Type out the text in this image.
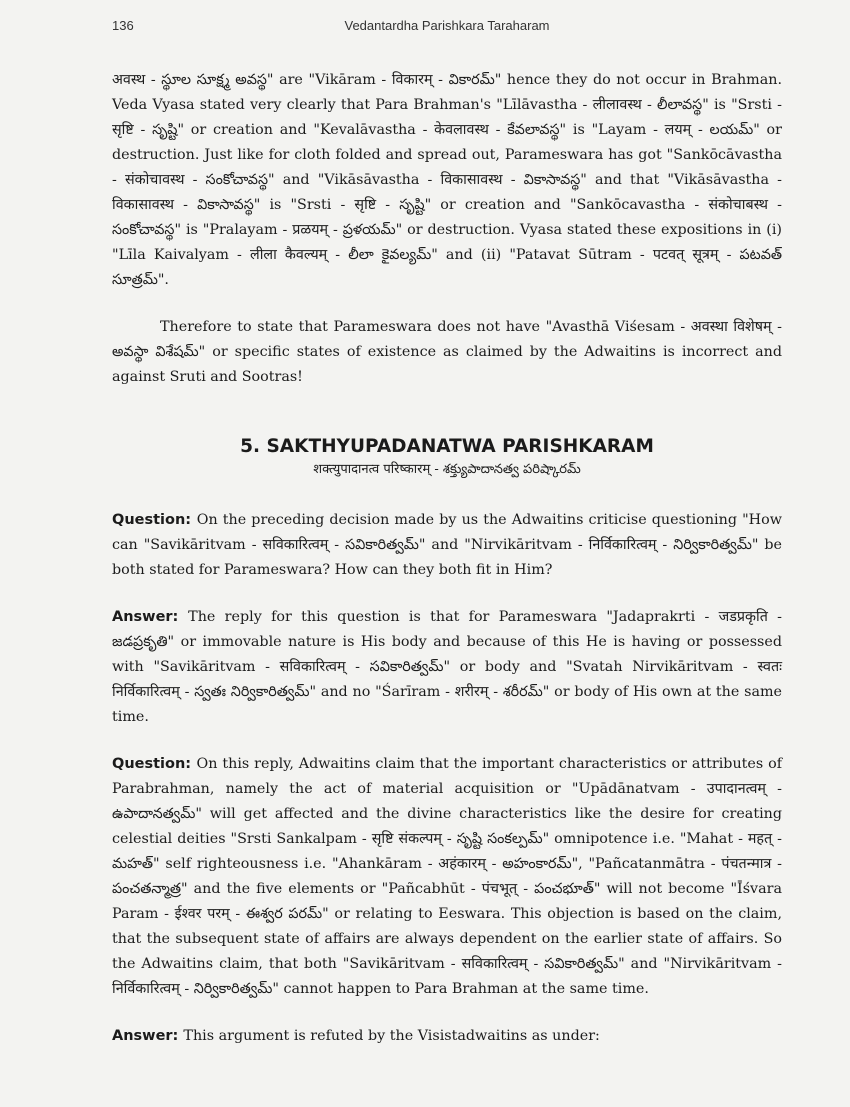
136	Vedantardha Parishkara Taraharam

अवस्थ - స్థూల సూక్ష్మ అవస్థ" are "Vikāram - विकारम् - వికారమ్" hence they do not occur in Brahman. Veda Vyasa stated very clearly that Para Brahman's "Līlāvastha - लीलावस्थ - లీలావస్థ" is "Srsti - सृष्टि - సృష్టి" or creation and "Kevalāvastha - केवलावस्थ - కేవలావస్థ" is "Layam - लयम् - లయమ్" or destruction. Just like for cloth folded and spread out, Parameswara has got "Sankōcāvastha - संकोचावस्थ - సంకోచావస్థ" and "Vikāsāvastha - विकासावस्थ - వికాసావస్థ" and that "Vikāsāvastha - विकासावस्थ - వికాసావస్థ" is "Srsti - सृष्टि - సృష్టి" or creation and "Sankōcavastha - संकोचाबस्थ - సంకోచావస్థ" is "Pralayam - प्रळयम् - ప్రళయమ్" or destruction. Vyasa stated these expositions in (i) "Līla Kaivalyam - लीला कैवल्यम् - లీలా కైవల్యమ్" and (ii) "Patavat Sūtram - पटवत् सूत्रम् - పటవత్ సూత్రమ్".

Therefore to state that Parameswara does not have "Avasthā Viśesam - अवस्था विशेषम् - అవస్థా విశేషమ్" or specific states of existence as claimed by the Adwaitins is incorrect and against Sruti and Sootras!

5. SAKTHYUPADANATWA PARISHKARAM
शक्त्युपादानत्व परिष्कारम् - శక్త్యుపాదానత్వ పరిష్కారమ్

Question: On the preceding decision made by us the Adwaitins criticise questioning "How can "Savikāritvam - सविकारित्वम् - సవికారిత్వమ్" and "Nirvikāritvam - निर्विकारित्वम् - నిర్వికారిత్వమ్" be both stated for Parameswara? How can they both fit in Him?

Answer: The reply for this question is that for Parameswara "Jadaprakrti - जडप्रकृति - జడప్రకృతి" or immovable nature is His body and because of this He is having or possessed with "Savikāritvam - सविकारित्वम् - సవికారిత్వమ్" or body and "Svatah Nirvikāritvam - स्वतः निर्विकारित्वम् - స్వతః నిర్వికారిత్వమ్" and no "Śarīram - शरीरम् - శరీరమ్" or body of His own at the same time.

Question: On this reply, Adwaitins claim that the important characteristics or attributes of Parabrahman, namely the act of material acquisition or "Upādānatvam - उपादानत्वम् - ఉపాదానత్వమ్" will get affected and the divine characteristics like the desire for creating celestial deities "Srsti Sankalpam - सृष्टि संकल्पम् - సృష్టి సంకల్పమ్" omnipotence i.e. "Mahat - महत् - మహత్" self righteousness i.e. "Ahankāram - अहंकारम् - అహంకారమ్", "Pañcatanmātra - पंचतन्मात्र - పంచతన్మాత్ర" and the five elements or "Pañcabhūt - पंचभूत् - పంచభూత్" will not become "Īśvara Param - ईश्वर परम् - ఈశ్వర పరమ్" or relating to Eeswara. This objection is based on the claim, that the subsequent state of affairs are always dependent on the earlier state of affairs. So the Adwaitins claim, that both "Savikāritvam - सविकारित्वम् - సవికారిత్వమ్" and "Nirvikāritvam - निर्विकारित्वम् - నిర్వికారిత్వమ్" cannot happen to Para Brahman at the same time.

Answer: This argument is refuted by the Visistadwaitins as under:
